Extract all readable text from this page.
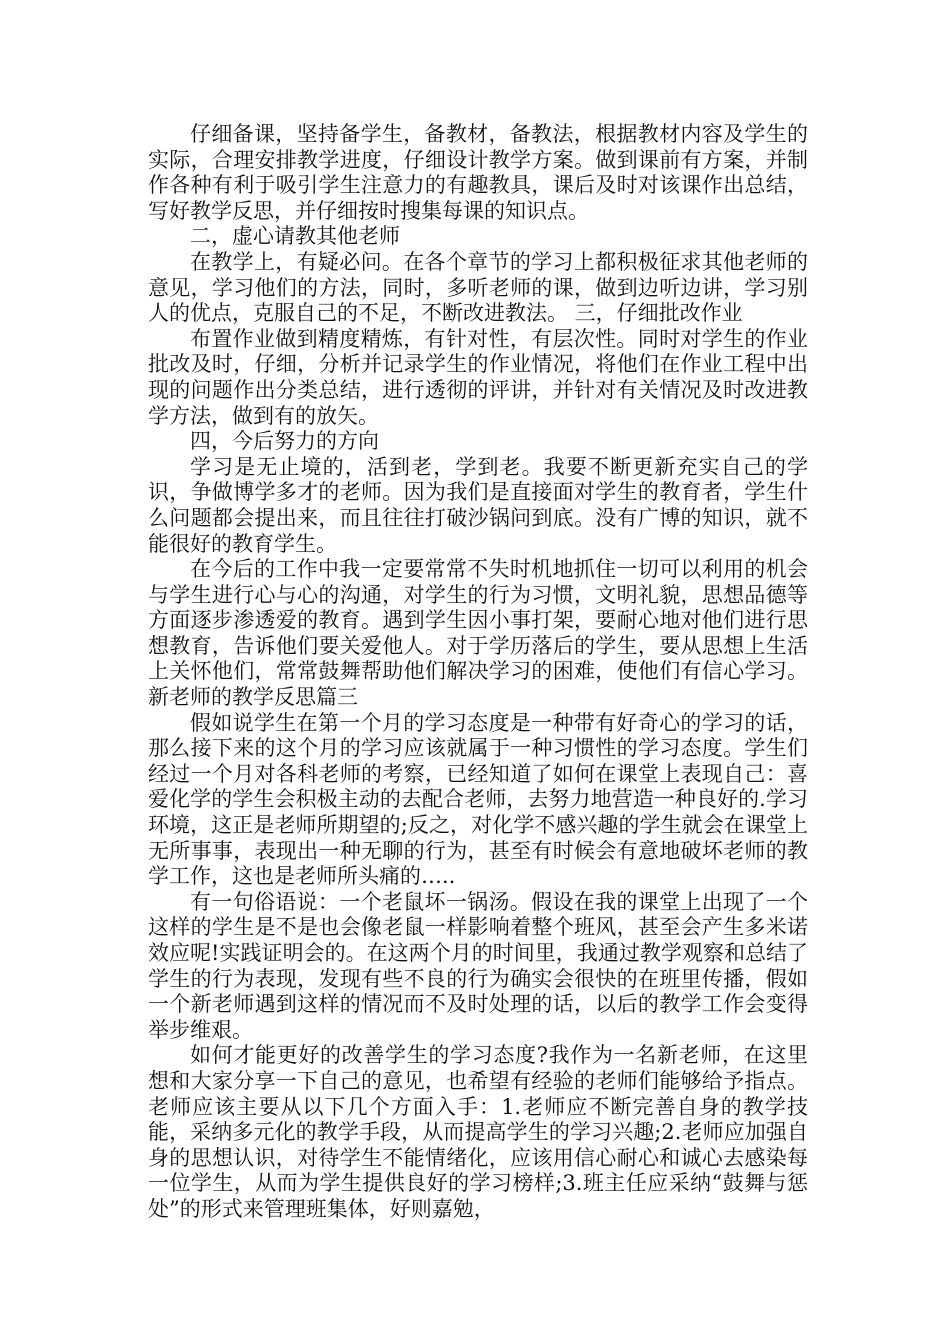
仔细备课，坚持备学生，备教材，备教法，根据教材内容及学生的实际，合理安排教学进度，仔细设计教学方案。做到课前有方案，并制作各种有利于吸引学生注意力的有趣教具，课后及时对该课作出总结，写好教学反思，并仔细按时搜集每课的知识点。

二，虚心请教其他老师

在教学上，有疑必问。在各个章节的学习上都积极征求其他老师的意见，学习他们的方法，同时，多听老师的课，做到边听边讲，学习别人的优点，克服自己的不足，不断改进教法。 三，仔细批改作业

布置作业做到精度精炼，有针对性，有层次性。同时对学生的作业批改及时，仔细，分析并记录学生的作业情况，将他们在作业工程中出现的问题作出分类总结，进行透彻的评讲，并针对有关情况及时改进教学方法，做到有的放矢。

四，今后努力的方向

学习是无止境的，活到老，学到老。我要不断更新充实自己的学识，争做博学多才的老师。因为我们是直接面对学生的教育者，学生什么问题都会提出来，而且往往打破沙锅问到底。没有广博的知识，就不能很好的教育学生。

在今后的工作中我一定要常常不失时机地抓住一切可以利用的机会与学生进行心与心的沟通，对学生的行为习惯，文明礼貌，思想品德等方面逐步渗透爱的教育。遇到学生因小事打架，要耐心地对他们进行思想教育，告诉他们要关爱他人。对于学历落后的学生，要从思想上生活上关怀他们，常常鼓舞帮助他们解决学习的困难，使他们有信心学习。 新老师的教学反思篇三

假如说学生在第一个月的学习态度是一种带有好奇心的学习的话，那么接下来的这个月的学习应该就属于一种习惯性的学习态度。学生们经过一个月对各科老师的考察，已经知道了如何在课堂上表现自己：喜爱化学的学生会积极主动的去配合老师，去努力地营造一种良好的.学习环境，这正是老师所期望的;反之，对化学不感兴趣的学生就会在课堂上无所事事，表现出一种无聊的行为，甚至有时候会有意地破坏老师的教学工作，这也是老师所头痛的…..

有一句俗语说：一个老鼠坏一锅汤。假设在我的课堂上出现了一个这样的学生是不是也会像老鼠一样影响着整个班风，甚至会产生多米诺效应呢!实践证明会的。在这两个月的时间里，我通过教学观察和总结了学生的行为表现，发现有些不良的行为确实会很快的在班里传播，假如一个新老师遇到这样的情况而不及时处理的话，以后的教学工作会变得举步维艰。

如何才能更好的改善学生的学习态度?我作为一名新老师，在这里想和大家分享一下自己的意见，也希望有经验的老师们能够给予指点。老师应该主要从以下几个方面入手：1.老师应不断完善自身的教学技能，采纳多元化的教学手段，从而提高学生的学习兴趣;2.老师应加强自身的思想认识，对待学生不能情绪化，应该用信心耐心和诚心去感染每一位学生，从而为学生提供良好的学习榜样;3.班主任应采纳“鼓舞与惩处”的形式来管理班集体，好则嘉勉，
